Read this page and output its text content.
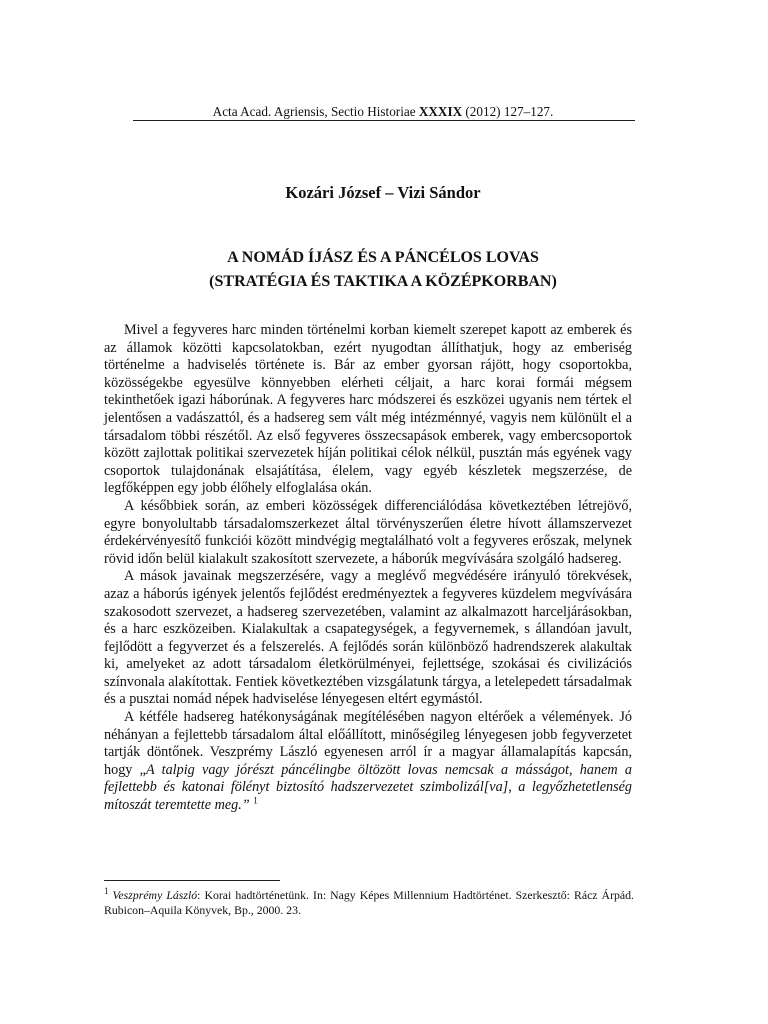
Acta Acad. Agriensis, Sectio Historiae XXXIX (2012) 127–127.
Kozári József – Vizi Sándor
A NOMÁD ÍJÁSZ ÉS A PÁNCÉLOS LOVAS
(STRATÉGIA ÉS TAKTIKA A KÖZÉPKORBAN)

Mivel a fegyveres harc minden történelmi korban kiemelt szerepet kapott az emberek és az államok közötti kapcsolatokban, ezért nyugodtan állíthatjuk, hogy az emberiség történelme a hadviselés története is. Bár az ember gyorsan rájött, hogy csoportokba, közösségekbe egyesülve könnyebben elérheti céljait, a harc korai formái mégsem tekinthetőek igazi háborúnak. A fegyveres harc módszerei és eszközei ugyanis nem tértek el jelentősen a vadászattól, és a hadsereg sem vált még intézménnyé, vagyis nem különült el a társadalom többi részétől. Az első fegyveres összecsapások emberek, vagy embercsoportok között zajlottak politikai szervezetek híján politikai célok nélkül, pusztán más egyének vagy csoportok tulajdonának elsajátítása, élelem, vagy egyéb készletek megszerzése, de legfőképpen egy jobb élőhely elfoglalása okán.

A későbbiek során, az emberi közösségek differenciálódása következtében létrejövő, egyre bonyolultabb társadalomszerkezet által törvényszerűen életre hívott államszervezet érdekérvényesítő funkciói között mindvégig megtalálható volt a fegyveres erőszak, melynek rövid időn belül kialakult szakosított szervezete, a háborúk megvívására szolgáló hadsereg.

A mások javainak megszerzésére, vagy a meglévő megvédésére irányuló törekvések, azaz a háborús igények jelentős fejlődést eredményeztek a fegyveres küzdelem megvívására szakosodott szervezet, a hadsereg szervezetében, valamint az alkalmazott harceljárásokban, és a harc eszközeiben. Kialakultak a csapategységek, a fegyvernemek, s állandóan javult, fejlődött a fegyverzet és a felszerelés. A fejlődés során különböző hadrendszerek alakultak ki, amelyeket az adott társadalom életkörülményei, fejlettsége, szokásai és civilizációs színvonala alakítottak. Fentiek következtében vizsgálatunk tárgya, a letelepedett társadalmak és a pusztai nomád népek hadviselése lényegesen eltért egymástól.

A kétféle hadsereg hatékonyságának megítélésében nagyon eltérőek a vélemények. Jó néhányan a fejlettebb társadalom által előállított, minőségileg lényegesen jobb fegyverzetet tartják döntőnek. Veszprémy László egyenesen arról ír a magyar államalapítás kapcsán, hogy „A talpig vagy jórészt páncélingbe öltözött lovas nemcsak a másságot, hanem a fejlettebb és katonai fölényt biztosító hadszervezetet szimbolizál[va], a legyőzhetetlenség mítoszát teremtette meg.” $^1$

$^1$ Veszprémy László: Korai hadtörténetünk. In: Nagy Képes Millennium Hadtörténet. Szerkesztő: Rácz Árpád. Rubicon–Aquila Könyvek, Bp., 2000. 23.
